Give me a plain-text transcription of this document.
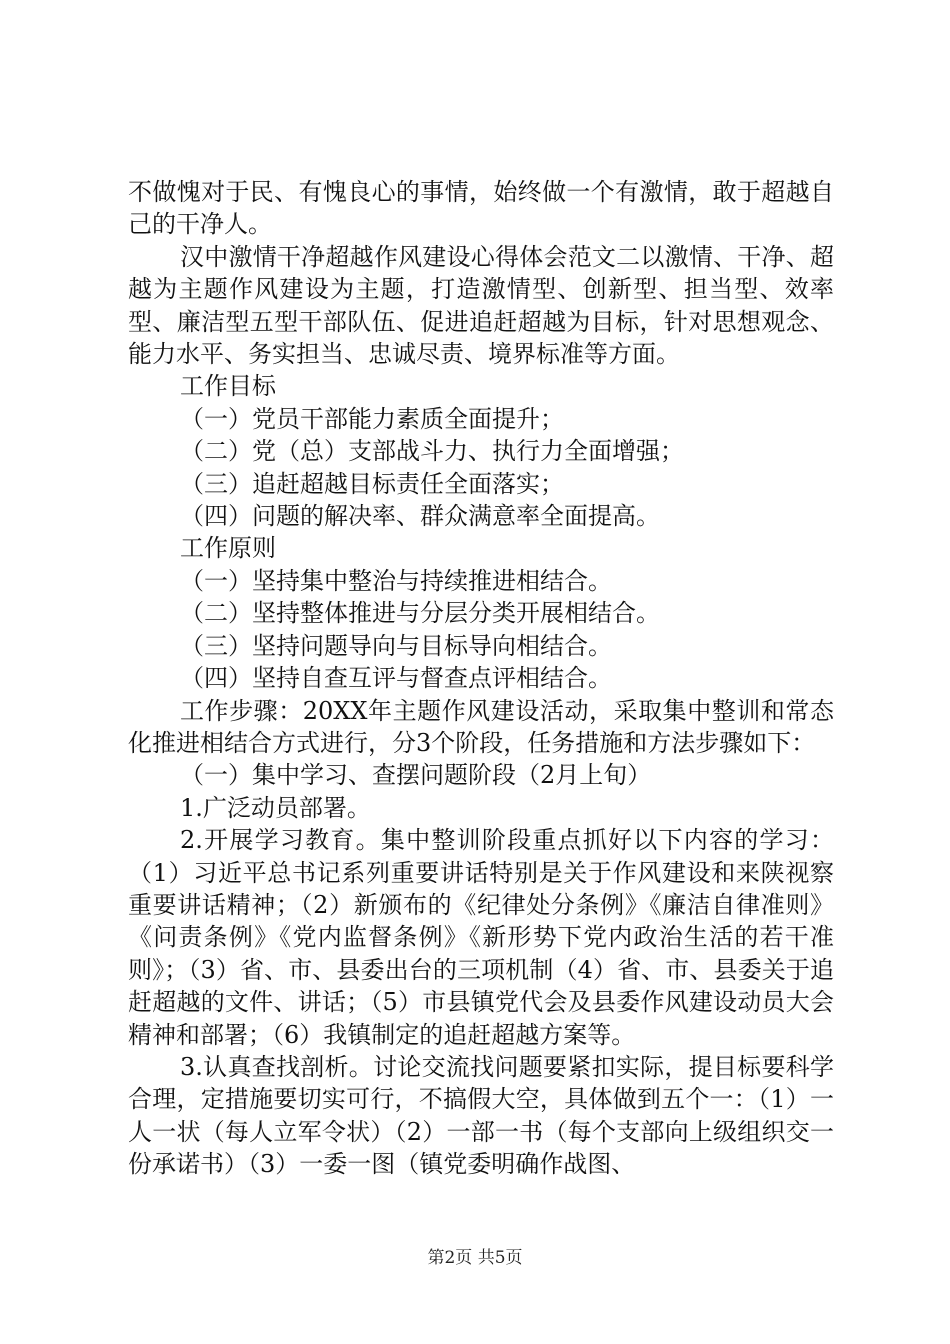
不做愧对于民、有愧良心的事情，始终做一个有激情，敢于超越自己的干净人。

汉中激情干净超越作风建设心得体会范文二以激情、干净、超越为主题作风建设为主题，打造激情型、创新型、担当型、效率型、廉洁型五型干部队伍、促进追赶超越为目标，针对思想观念、能力水平、务实担当、忠诚尽责、境界标准等方面。

工作目标

（一）党员干部能力素质全面提升；

（二）党（总）支部战斗力、执行力全面增强；

（三）追赶超越目标责任全面落实；

（四）问题的解决率、群众满意率全面提高。

工作原则

（一）坚持集中整治与持续推进相结合。

（二）坚持整体推进与分层分类开展相结合。

（三）坚持问题导向与目标导向相结合。

（四）坚持自查互评与督查点评相结合。

工作步骤：20XX年主题作风建设活动，采取集中整训和常态化推进相结合方式进行，分3个阶段，任务措施和方法步骤如下：

（一）集中学习、查摆问题阶段（2月上旬）

1.广泛动员部署。

2.开展学习教育。集中整训阶段重点抓好以下内容的学习：（1）习近平总书记系列重要讲话特别是关于作风建设和来陕视察重要讲话精神；（2）新颁布的《纪律处分条例》《廉洁自律准则》《问责条例》《党内监督条例》《新形势下党内政治生活的若干准则》；（3）省、市、县委出台的三项机制（4）省、市、县委关于追赶超越的文件、讲话；（5）市县镇党代会及县委作风建设动员大会精神和部署；（6）我镇制定的追赶超越方案等。

3.认真查找剖析。讨论交流找问题要紧扣实际，提目标要科学合理，定措施要切实可行，不搞假大空，具体做到五个一：（1）一人一状（每人立军令状）（2）一部一书（每个支部向上级组织交一份承诺书）（3）一委一图（镇党委明确作战图、

第2页 共5页
